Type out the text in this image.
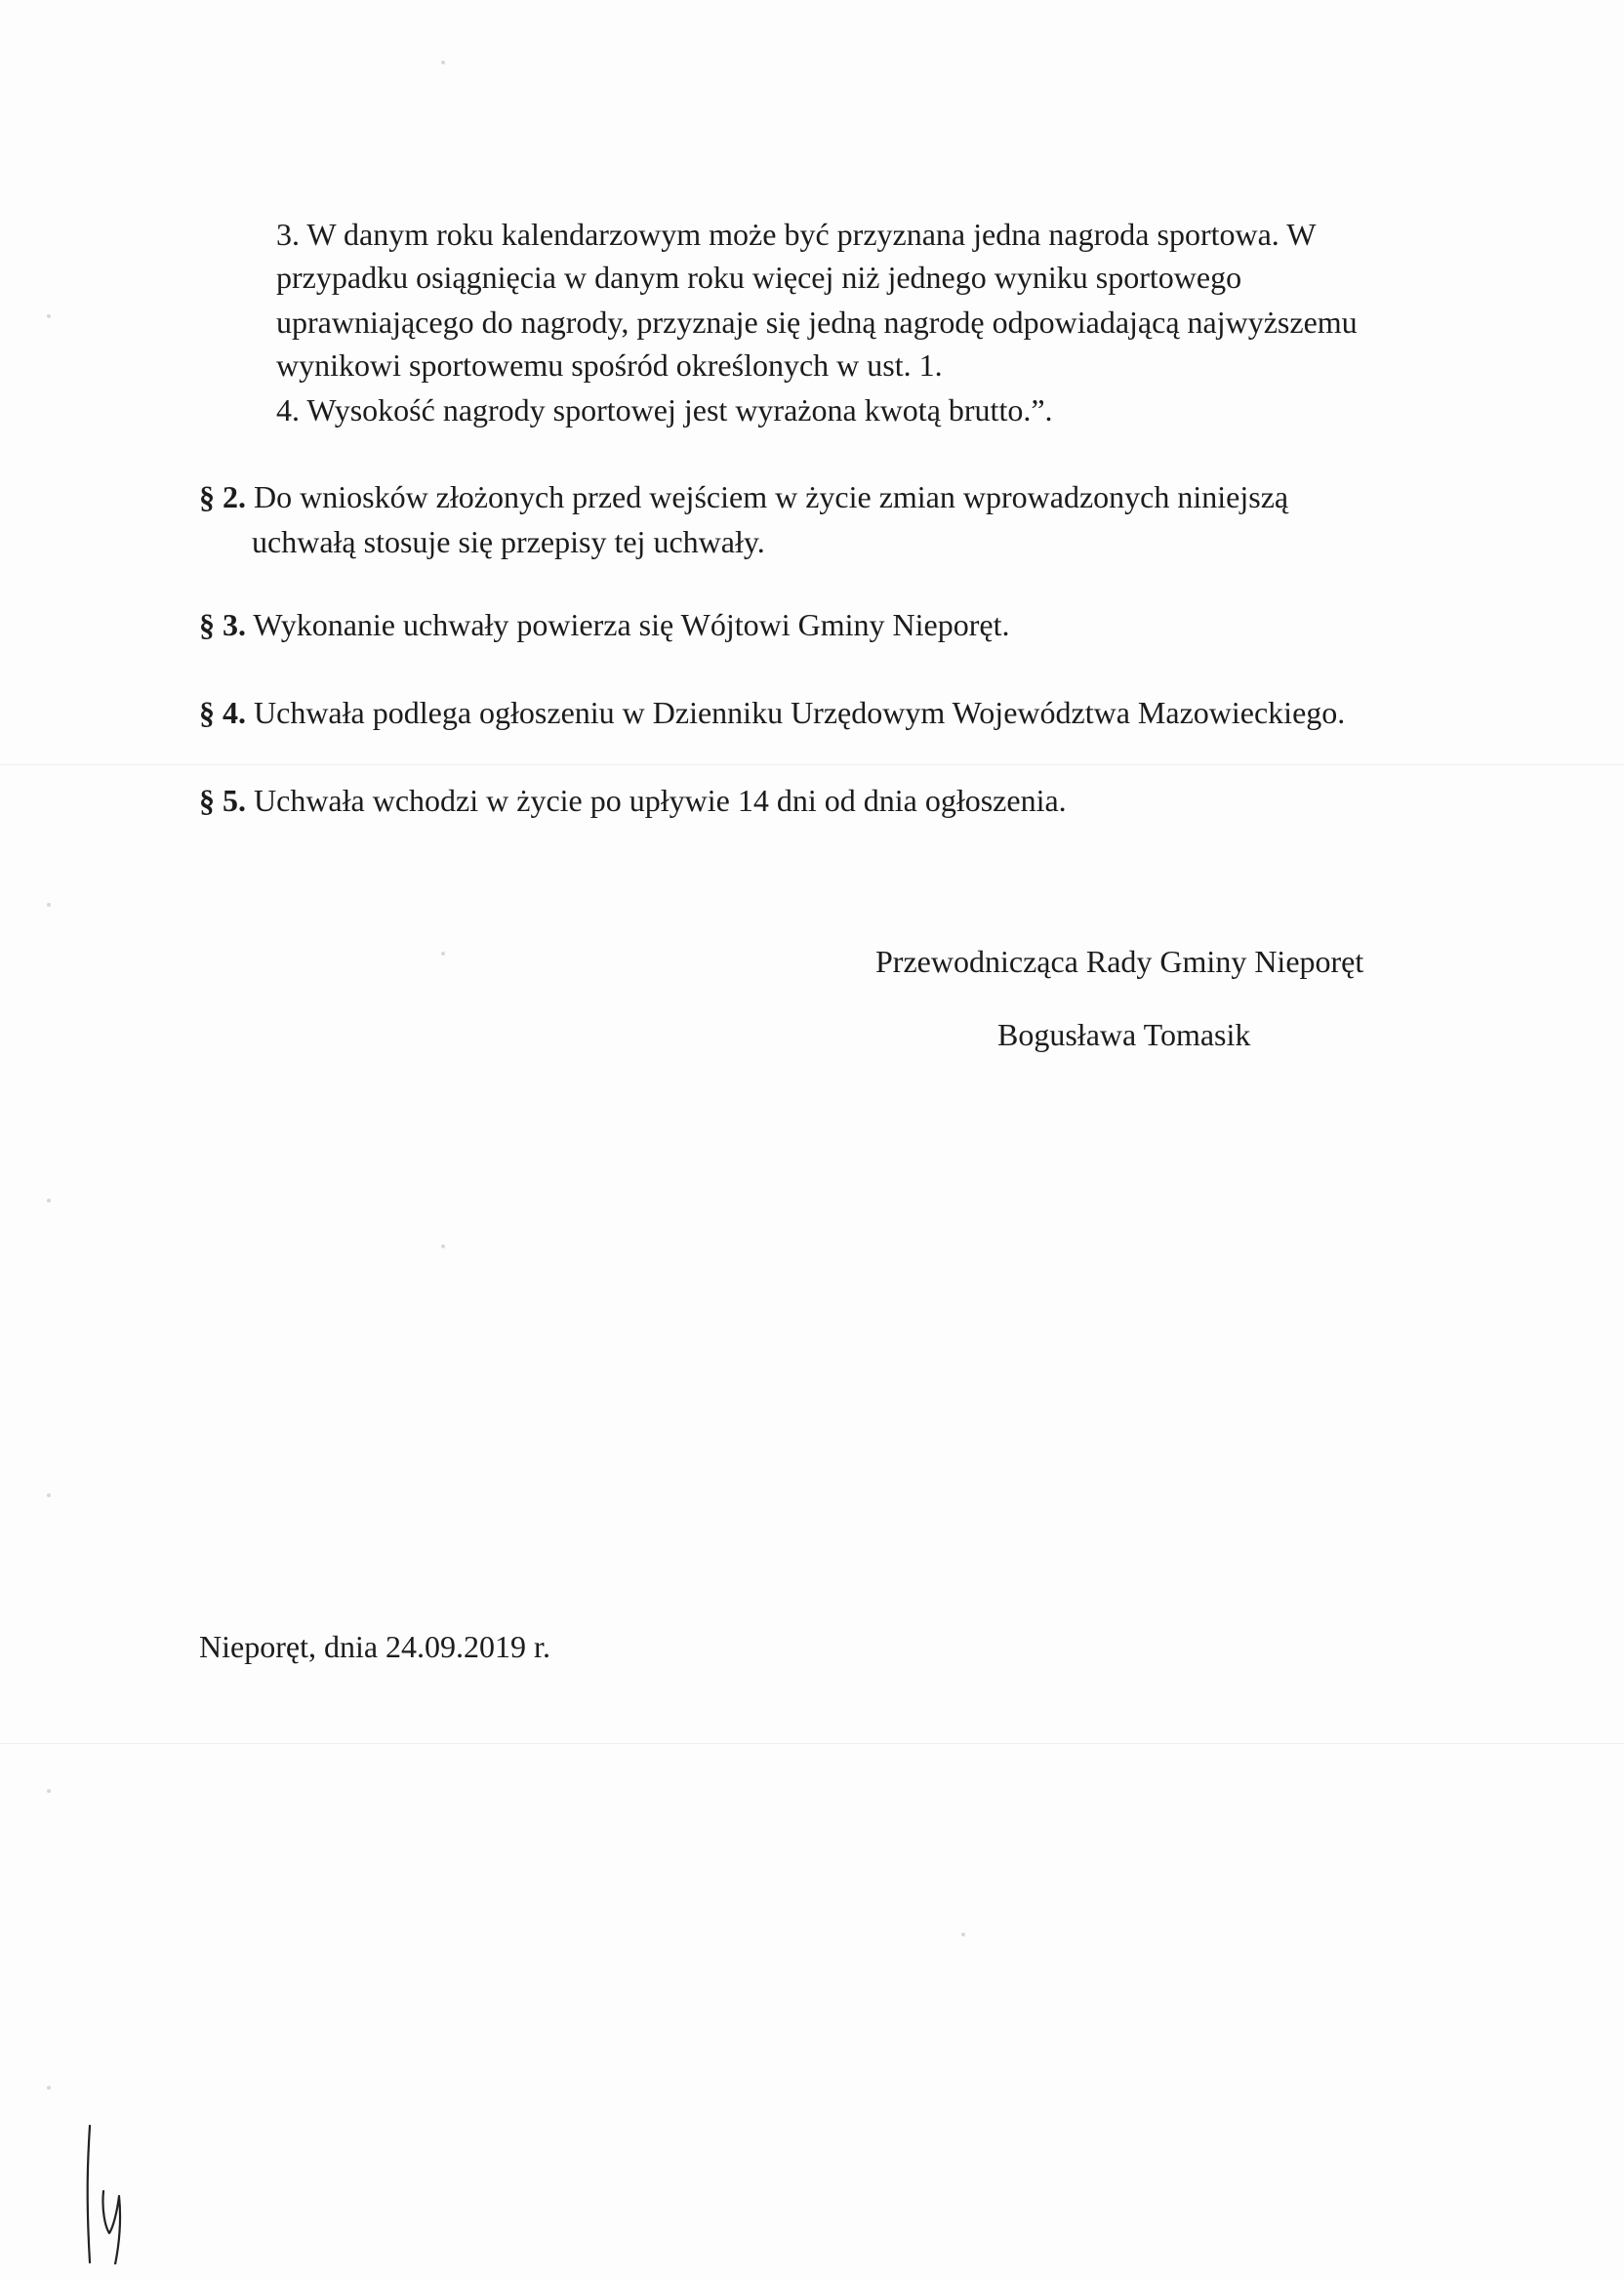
3. W danym roku kalendarzowym może być przyznana jedna nagroda sportowa. W
przypadku osiągnięcia w danym roku więcej niż jednego wyniku sportowego
uprawniającego do nagrody, przyznaje się jedną nagrodę odpowiadającą najwyższemu
wynikowi sportowemu spośród określonych w ust. 1.
4. Wysokość nagrody sportowej jest wyrażona kwotą brutto.”.
§ 2. Do wniosków złożonych przed wejściem w życie zmian wprowadzonych niniejszą
uchwałą stosuje się przepisy tej uchwały.
§ 3. Wykonanie uchwały powierza się Wójtowi Gminy Nieporęt.
§ 4. Uchwała podlega ogłoszeniu w Dzienniku Urzędowym Województwa Mazowieckiego.
§ 5. Uchwała wchodzi w życie po upływie 14 dni od dnia ogłoszenia.
Przewodnicząca Rady Gminy Nieporęt
Bogusława Tomasik
Nieporęt, dnia 24.09.2019 r.
